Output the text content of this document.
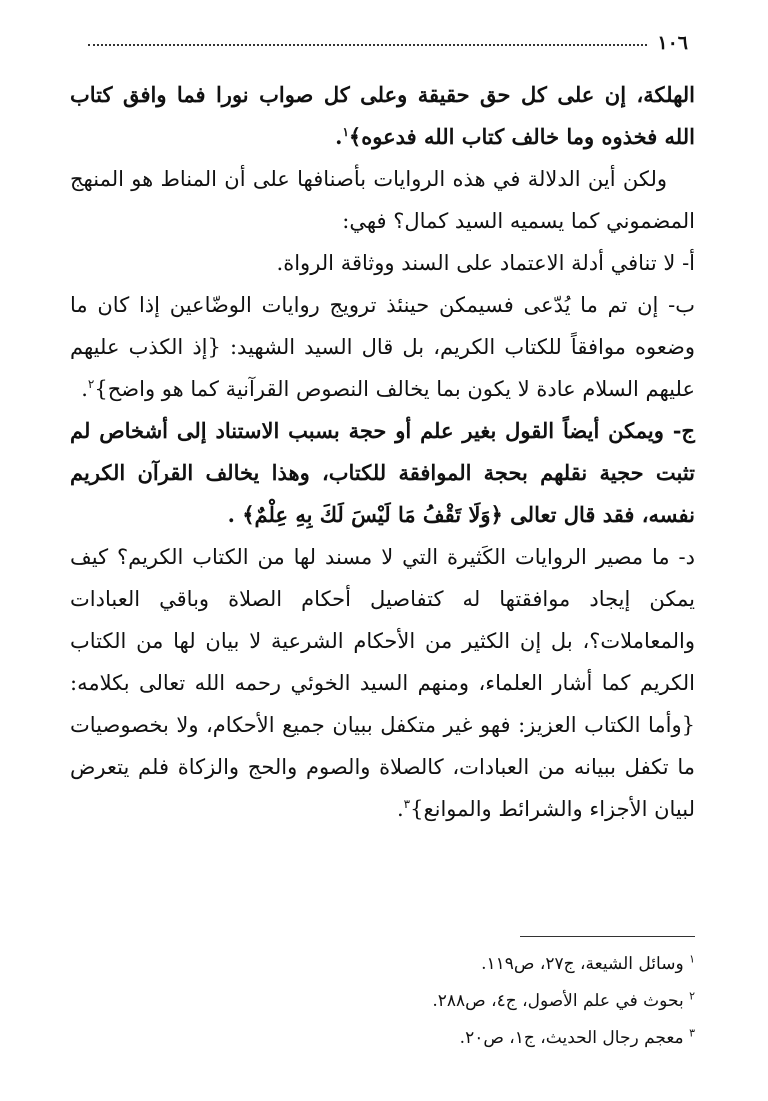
١٠٦

الهلكة، إن على كل حق حقيقة وعلى كل صواب نورا فما وافق كتاب الله فخذوه وما خالف كتاب الله فدعوه﴾$^١$.

ولكن أين الدلالة في هذه الروايات بأصنافها على أن المناط هو المنهج المضموني كما يسميه السيد كمال؟ فهي:

أ- لا تنافي أدلة الاعتماد على السند ووثاقة الرواة.

ب- إن تم ما يُدّعى فسيمكن حينئذ ترويج روايات الوضّاعين إذا كان ما وضعوه موافقاً للكتاب الكريم، بل قال السيد الشهيد: {إذ الكذب عليهم عليهم السلام عادة لا يكون بما يخالف النصوص القرآنية كما هو واضح}$^٢$.

ج- ويمكن أيضاً القول بغير علم أو حجة بسبب الاستناد إلى أشخاص لم تثبت حجية نقلهم بحجة الموافقة للكتاب، وهذا يخالف القرآن الكريم نفسه، فقد قال تعالى ﴿وَلَا تَقْفُ مَا لَيْسَ لَكَ بِهِ عِلْمٌ﴾ .

د- ما مصير الروايات الكَثيرة التي لا مسند لها من الكتاب الكريم؟ كيف يمكن إيجاد موافقتها له كتفاصيل أحكام الصلاة وباقي العبادات والمعاملات؟، بل إن الكثير من الأحكام الشرعية لا بيان لها من الكتاب الكريم كما أشار العلماء، ومنهم السيد الخوئي رحمه الله تعالى بكلامه: {وأما الكتاب العزيز: فهو غير متكفل ببيان جميع الأحكام، ولا بخصوصيات ما تكفل ببيانه من العبادات، كالصلاة والصوم والحج والزكاة فلم يتعرض لبيان الأجزاء والشرائط والموانع}$^٣$.

$^١$ وسائل الشيعة، ج٢٧، ص١١٩.

$^٢$ بحوث في علم الأصول، ج٤، ص٢٨٨.

$^٣$ معجم رجال الحديث، ج١، ص٢٠.
